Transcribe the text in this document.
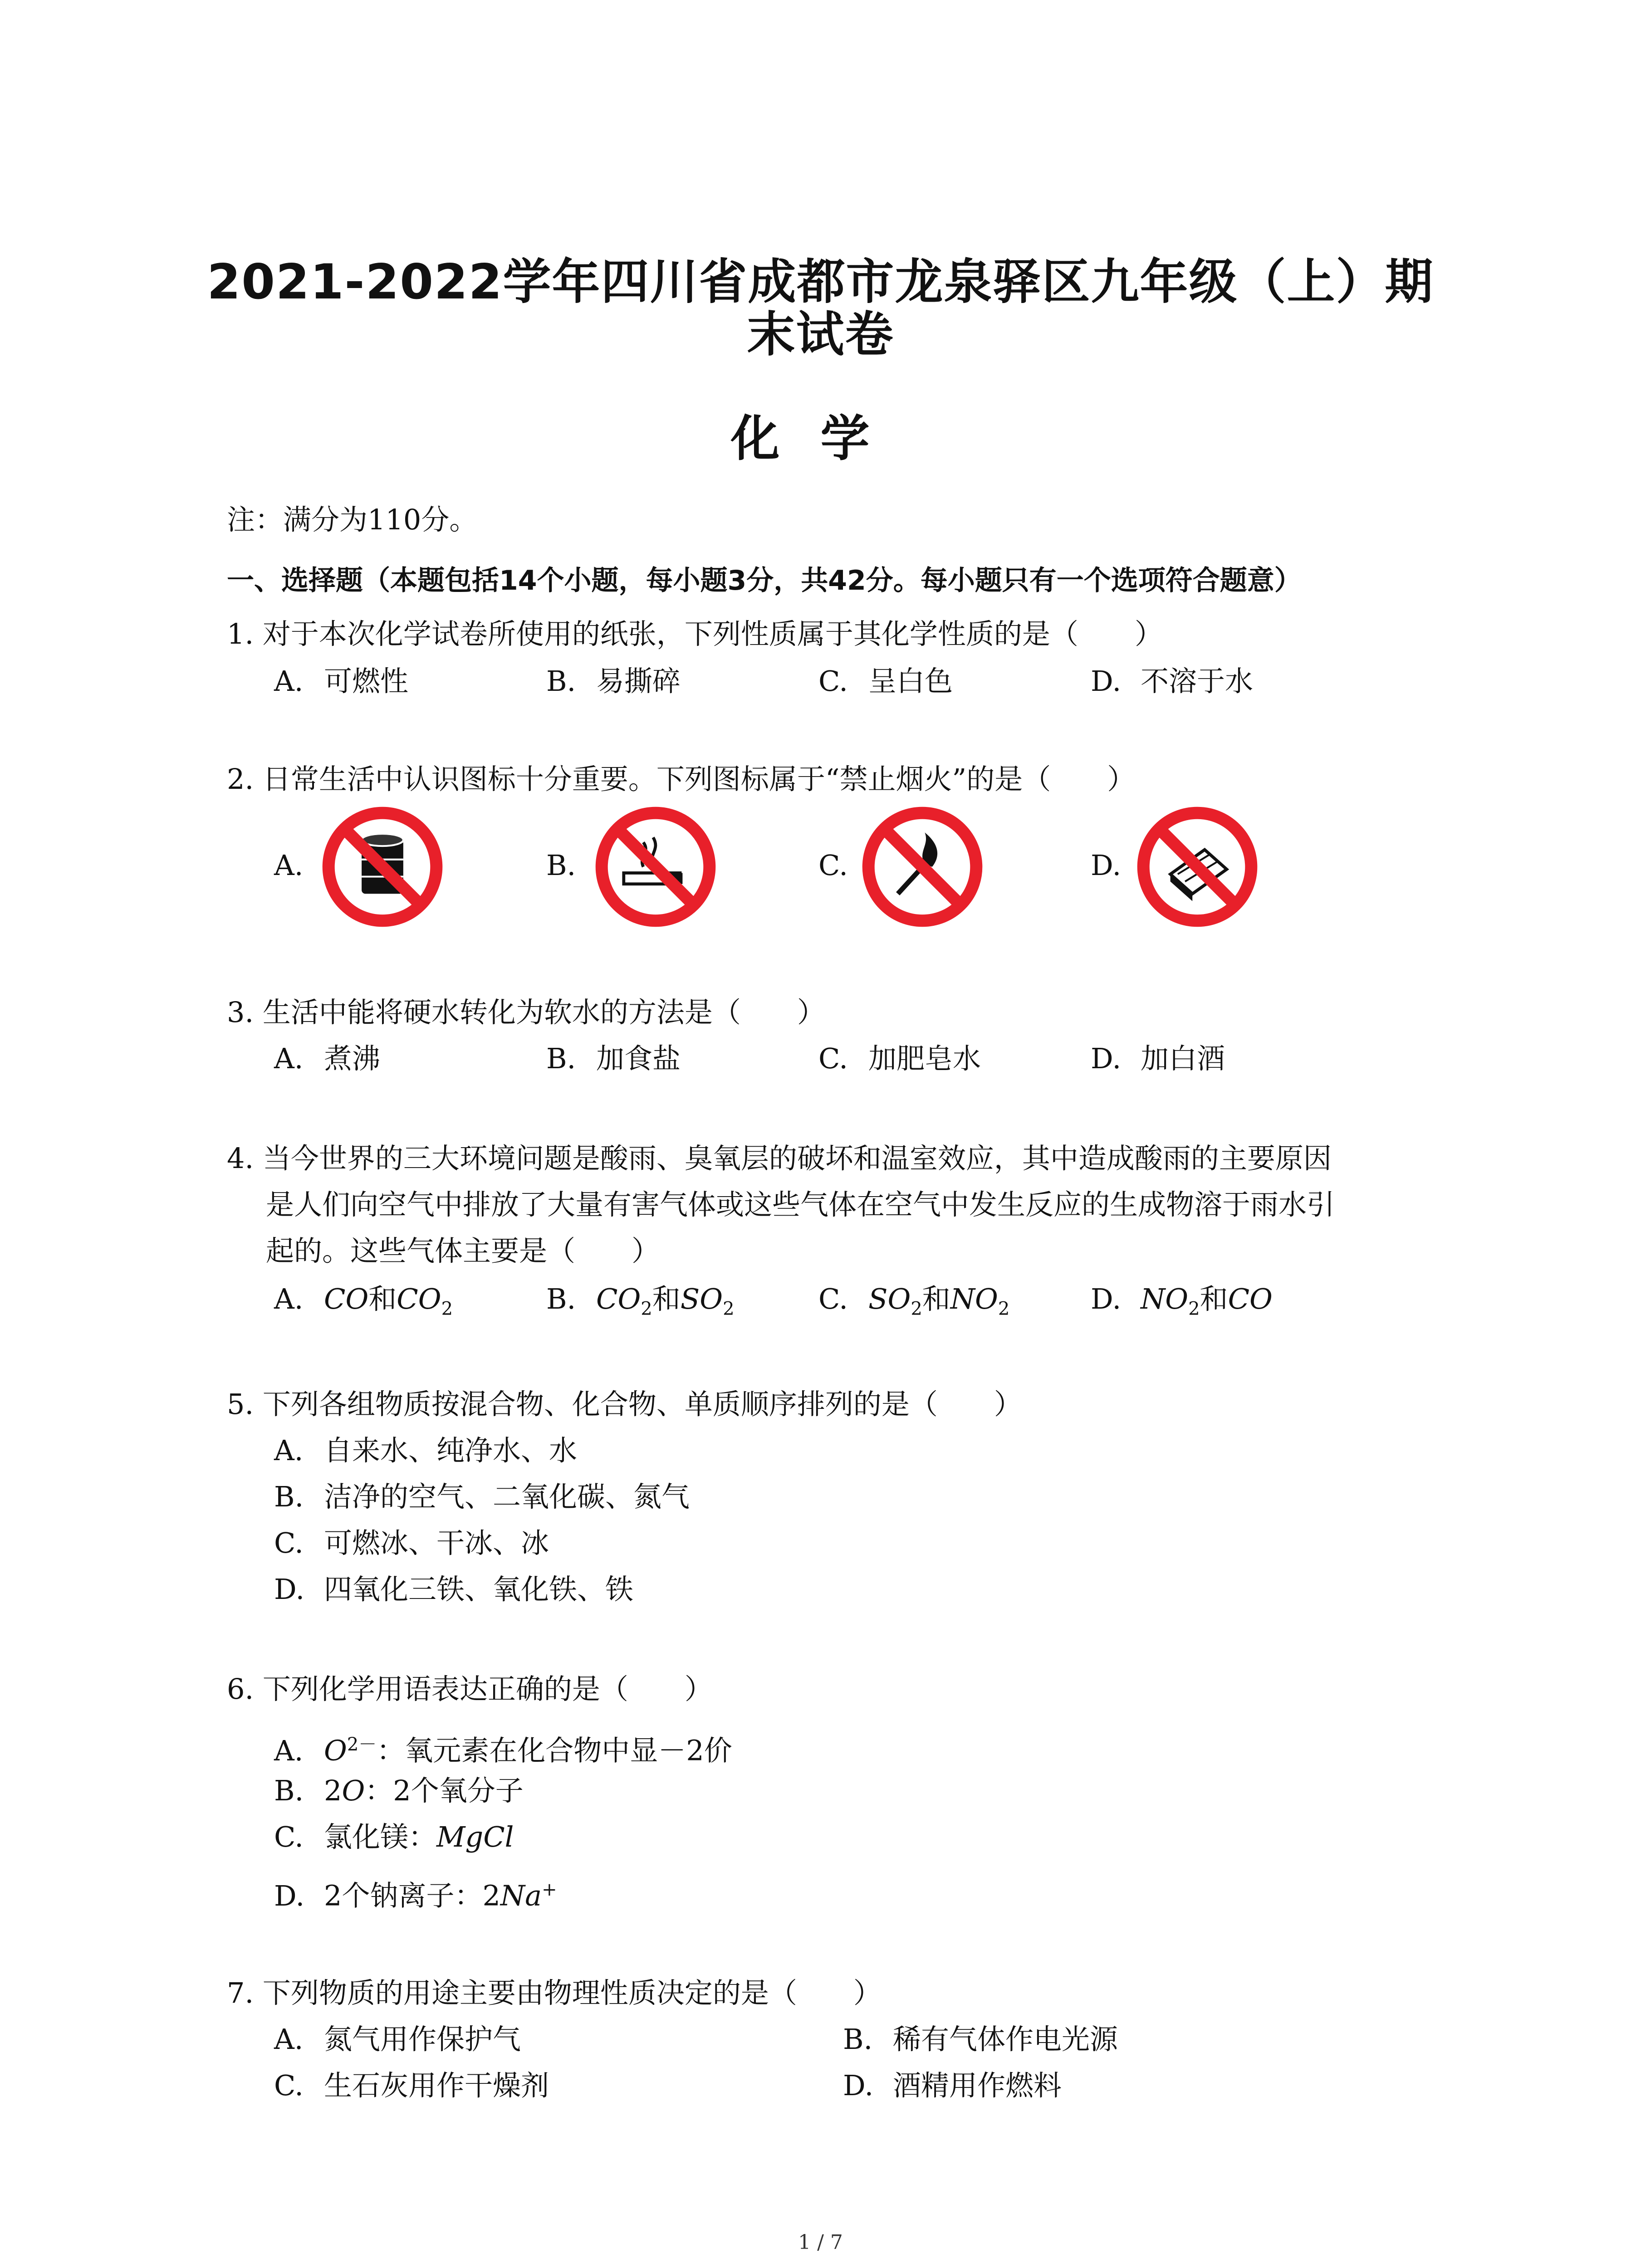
2021-2022学年四川省成都市龙泉驿区九年级（上）期
末试卷
化学
注：满分为110分。
一、选择题（本题包括14个小题，每小题3分，共42分。每小题只有一个选项符合题意）
1. 对于本次化学试卷所使用的纸张，下列性质属于其化学性质的是（　　）
A. 可燃性	B. 易撕碎	C. 呈白色	D. 不溶于水
2. 日常生活中认识图标十分重要。下列图标属于“禁止烟火”的是（　　）
A.	B.	C.	D.
3. 生活中能将硬水转化为软水的方法是（　　）
A. 煮沸	B. 加食盐	C. 加肥皂水	D. 加白酒
4. 当今世界的三大环境问题是酸雨、臭氧层的破坏和温室效应，其中造成酸雨的主要原因
是人们向空气中排放了大量有害气体或这些气体在空气中发生反应的生成物溶于雨水引
起的。这些气体主要是（　　）
A. CO和$CO_2$	B. $CO_2$和$SO_2$	C. $SO_2$和$NO_2$	D. $NO_2$和CO
5. 下列各组物质按混合物、化合物、单质顺序排列的是（　　）
A. 自来水、纯净水、水
B. 洁净的空气、二氧化碳、氮气
C. 可燃冰、干冰、冰
D. 四氧化三铁、氧化铁、铁
6. 下列化学用语表达正确的是（　　）
A. $O^{2-}$：氧元素在化合物中显－2价
B. 2O：2个氧分子
C. 氯化镁：MgCl
D. 2个钠离子：2Na+
7. 下列物质的用途主要由物理性质决定的是（　　）
A. 氮气用作保护气	B. 稀有气体作电光源
C. 生石灰用作干燥剂	D. 酒精用作燃料
1 / 7
